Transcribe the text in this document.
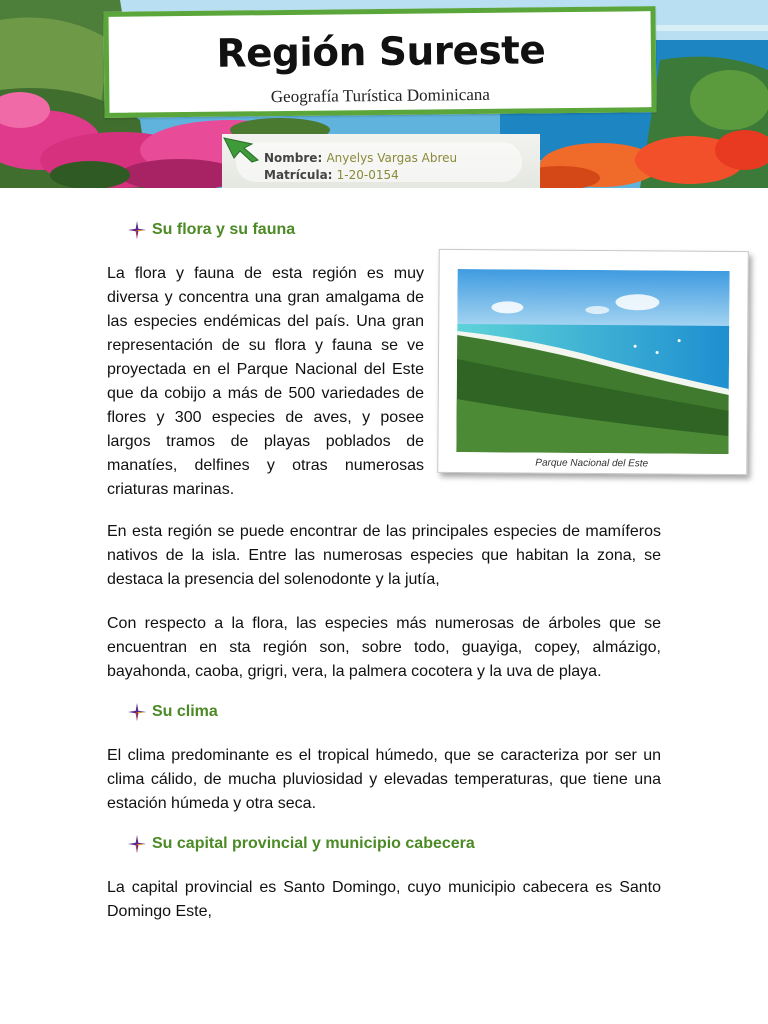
Región Sureste
Geografía Turística Dominicana
Nombre: Anyelys Vargas Abreu
Matrícula: 1-20-0154
Su flora y su fauna
La flora y fauna de esta región es muy diversa y concentra una gran amalgama de las especies endémicas del país. Una gran representación de su flora y fauna se ve proyectada en el Parque Nacional del Este que da cobijo a más de 500 variedades de flores y 300 especies de aves, y posee largos tramos de playas poblados de manatíes, delfines y otras numerosas criaturas marinas.
Parque Nacional del Este
En esta región se puede encontrar de las principales especies de mamíferos nativos de la isla. Entre las numerosas especies que habitan la zona, se destaca la presencia del solenodonte y la jutía,
Con respecto a la flora, las especies más numerosas de árboles que se encuentran en sta región son, sobre todo, guayiga, copey, almázigo, bayahonda, caoba, grigri, vera, la palmera cocotera y la uva de playa.
Su clima
El clima predominante es el tropical húmedo, que se caracteriza por ser un clima cálido, de mucha pluviosidad y elevadas temperaturas, que tiene una estación húmeda y otra seca.
Su capital provincial y municipio cabecera
La capital provincial es Santo Domingo, cuyo municipio cabecera es Santo Domingo Este,
